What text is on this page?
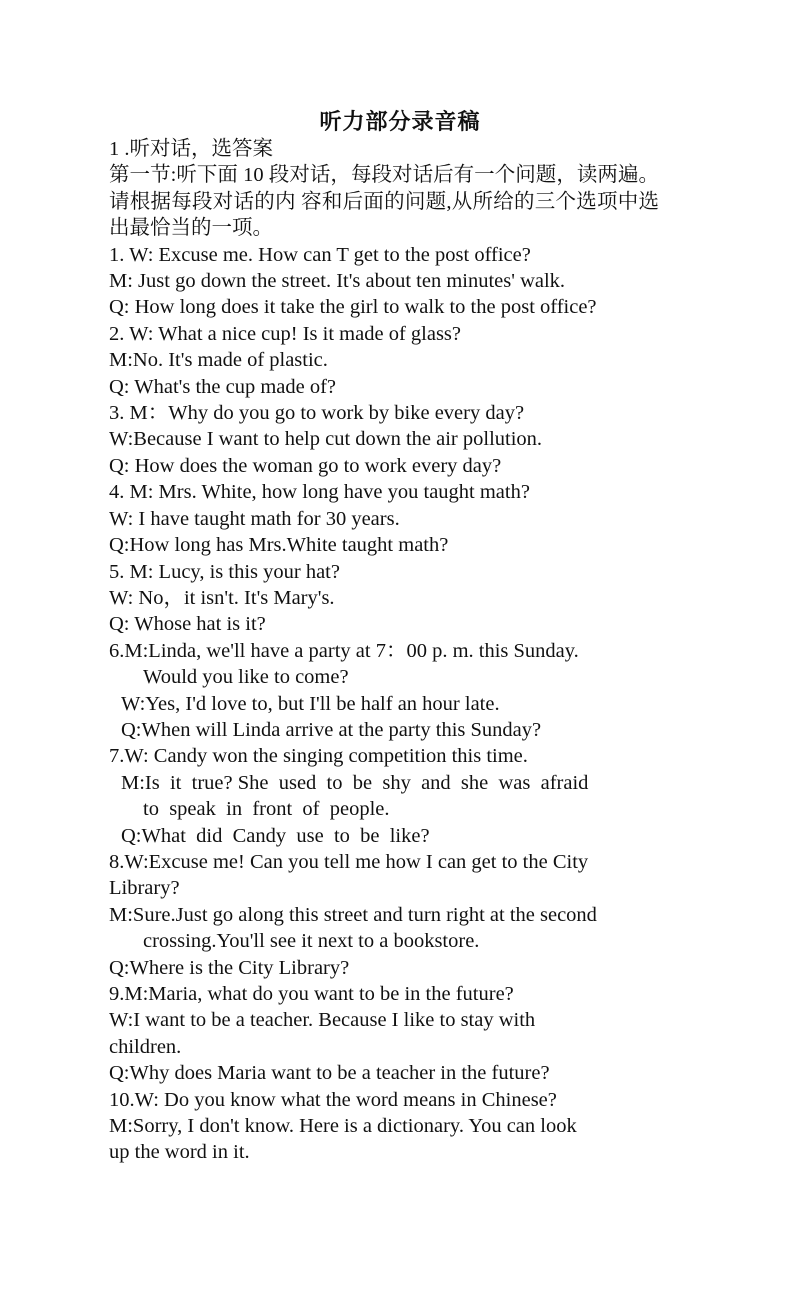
听力部分录音稿
1 .听对话，选答案
第一节:听下面 10 段对话，每段对话后有一个问题，读两遍。请根据每段对话的内 容和后面的问题,从所给的三个选项中选出最恰当的一项。
1. W: Excuse me. How can T get to the post office?
M: Just go down the street. It's about ten minutes' walk.
Q: How long does it take the girl to walk to the post office?
2. W: What a nice cup! Is it made of glass?
M:No. It's made of plastic.
Q: What's the cup made of?
3. M：Why do you go to work by bike every day?
W:Because I want to help cut down the air pollution.
Q: How does the woman go to work every day?
4. M: Mrs. White, how long have you taught math?
W: I have taught math for 30 years.
Q:How long has Mrs.White taught math?
5. M: Lucy, is this your hat?
W: No，it isn't. It's Mary's.
Q: Whose hat is it?
6.M:Linda, we'll have a party at 7：00 p. m. this Sunday.
Would you like to come?
W:Yes, I'd love to, but I'll be half an hour late.
Q:When will Linda arrive at the party this Sunday?
7.W: Candy won the singing competition this time.
M:Is  it  true? She  used  to  be  shy  and  she  was  afraid
to  speak  in  front  of  people.
Q:What  did  Candy  use  to  be  like?
8.W:Excuse me! Can you tell me how I can get to the City
Library?
M:Sure.Just go along this street and turn right at the second
crossing.You'll see it next to a bookstore.
Q:Where is the City Library?
9.M:Maria, what do you want to be in the future?
W:I want to be a teacher. Because I like to stay with
children.
Q:Why does Maria want to be a teacher in the future?
10.W: Do you know what the word means in Chinese?
M:Sorry, I don't know. Here is a dictionary. You can look
up the word in it.
